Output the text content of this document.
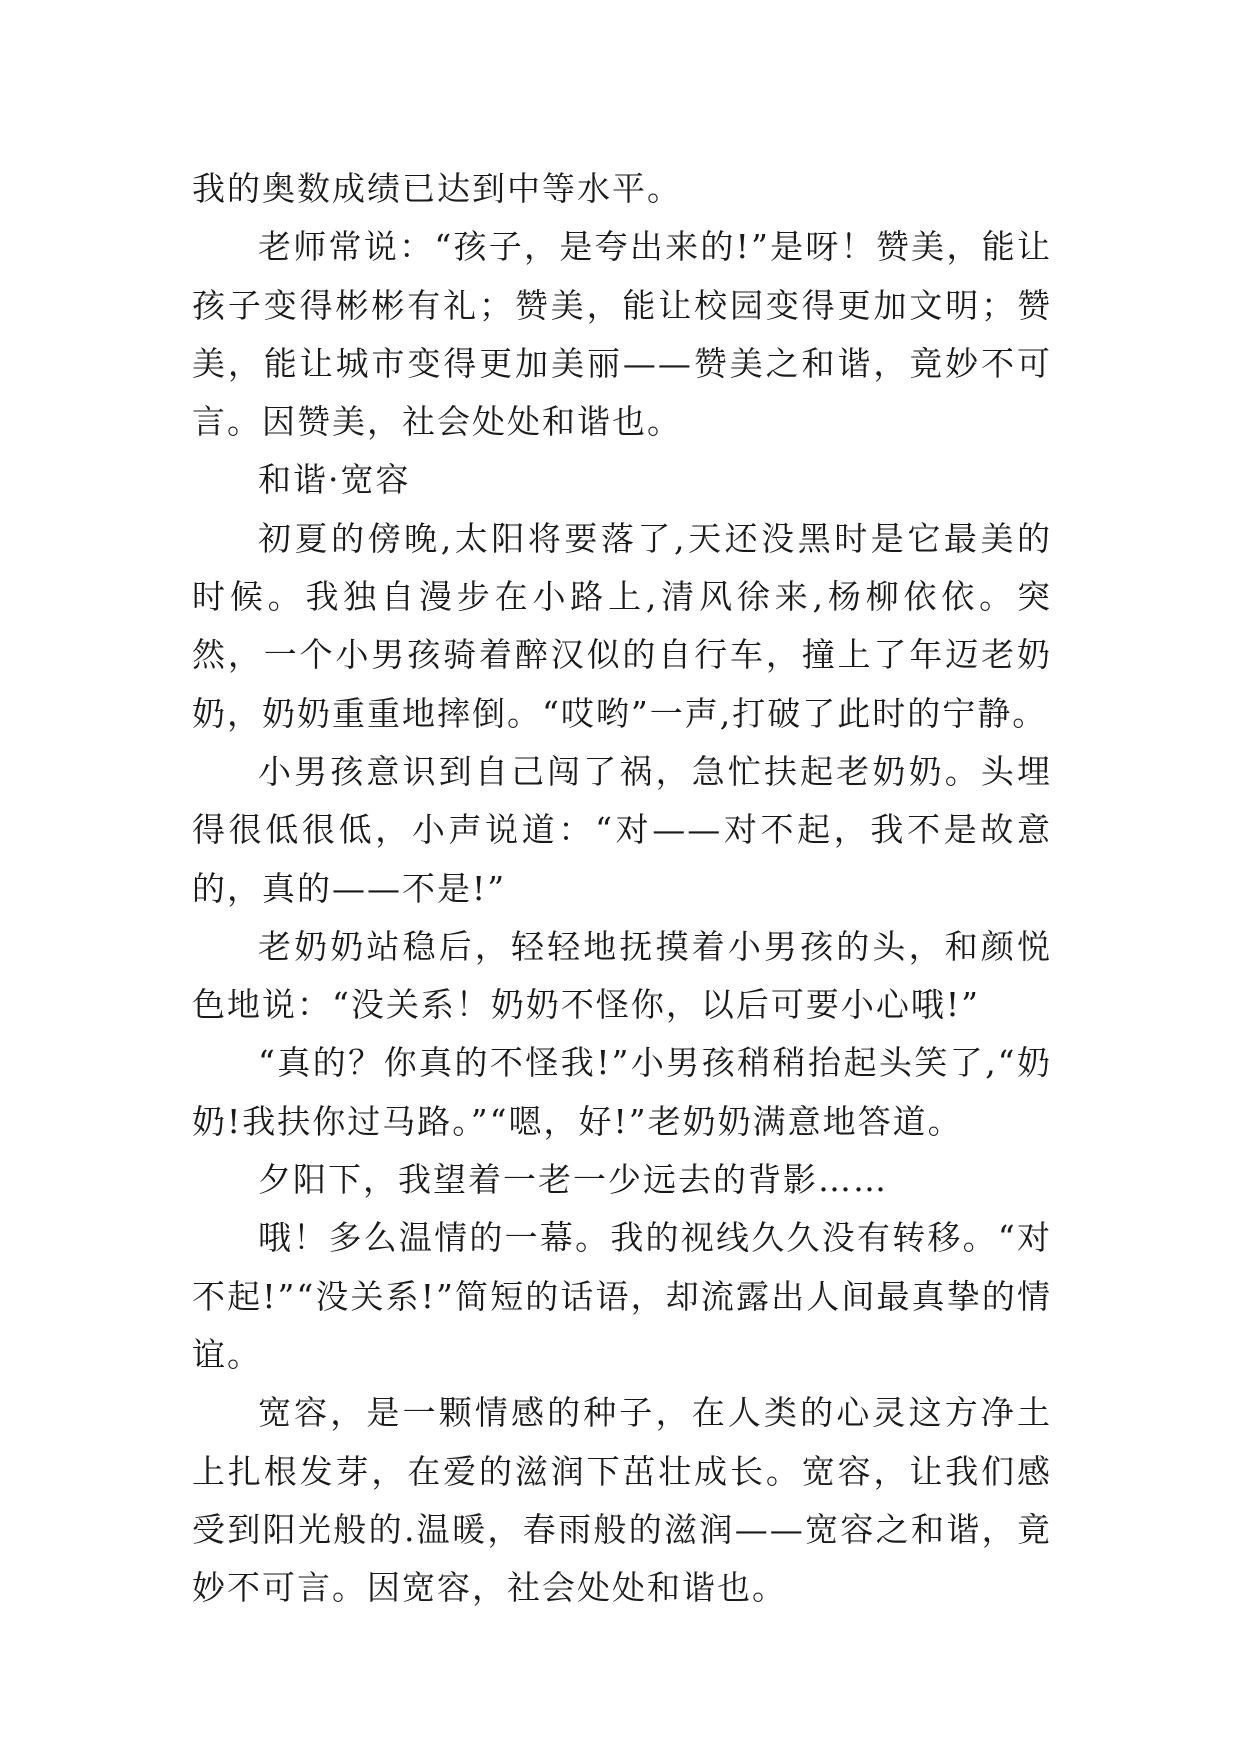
我的奥数成绩已达到中等水平。

老师常说：“孩子，是夸出来的!”是呀！赞美，能让孩子变得彬彬有礼；赞美，能让校园变得更加文明；赞美，能让城市变得更加美丽——赞美之和谐，竟妙不可言。因赞美，社会处处和谐也。

和谐·宽容

初夏的傍晚,太阳将要落了,天还没黑时是它最美的时候。我独自漫步在小路上,清风徐来,杨柳依依。突然，一个小男孩骑着醉汉似的自行车，撞上了年迈老奶奶，奶奶重重地摔倒。“哎哟”一声,打破了此时的宁静。

小男孩意识到自己闯了祸，急忙扶起老奶奶。头埋得很低很低，小声说道：“对——对不起，我不是故意的，真的——不是!”

老奶奶站稳后，轻轻地抚摸着小男孩的头，和颜悦色地说：“没关系！奶奶不怪你，以后可要小心哦!”

“真的？你真的不怪我!”小男孩稍稍抬起头笑了,“奶奶!我扶你过马路。”“嗯，好!”老奶奶满意地答道。

夕阳下，我望着一老一少远去的背影……

哦！多么温情的一幕。我的视线久久没有转移。“对不起!”“没关系!”简短的话语，却流露出人间最真挚的情谊。

宽容，是一颗情感的种子，在人类的心灵这方净土上扎根发芽，在爱的滋润下茁壮成长。宽容，让我们感受到阳光般的.温暖，春雨般的滋润——宽容之和谐，竟妙不可言。因宽容，社会处处和谐也。
